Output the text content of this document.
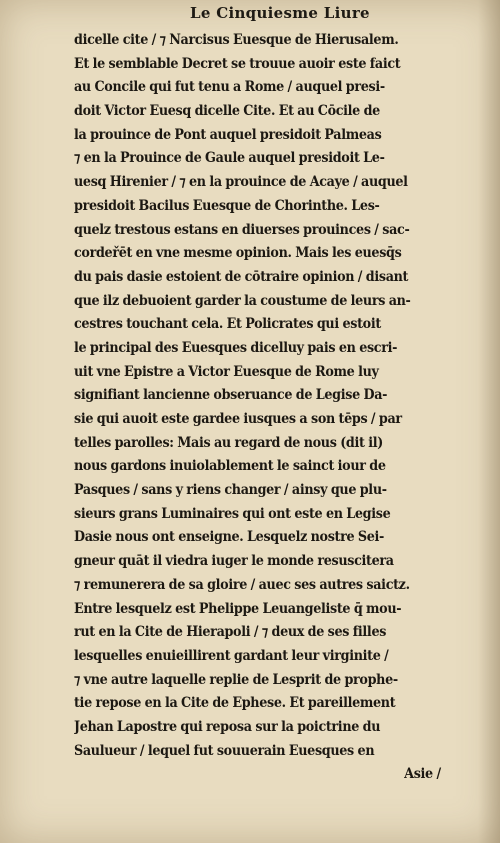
Le Cinquiesme Liure
dicelle cite / ⁊ Narcisus Euesque de Hierusalem.
Et le semblable Decret se trouue auoir este faict
au Concile qui fut tenu a Rome / auquel presi-
doit Victor Euesq dicelle Cite. Et au Cōcile de
la prouince de Pont auquel presidoit Palmeas
⁊ en la Prouince de Gaule auquel presidoit Le-
uesq Hirenier / ⁊ en la prouince de Acaye / auquel
presidoit Bacilus Euesque de Chorinthe. Les-
quelz trestous estans en diuerses prouinces / sac-
cordeřēt en vne mesme opinion. Mais les euesq̄s
du pais dasie estoient de cōtraire opinion / disant
que ilz debuoient garder la coustume de leurs an-
cestres touchant cela. Et Policrates qui estoit
le principal des Euesques dicelluy pais en escri-
uit vne Epistre a Victor Euesque de Rome luy
signifiant lancienne obseruance de Legise Da-
sie qui auoit este gardee iusques a son tēps / par
telles parolles: Mais au regard de nous (dit il)
nous gardons inuiolablement le sainct iour de
Pasques / sans y riens changer / ainsy que plu-
sieurs grans Luminaires qui ont este en Legise
Dasie nous ont enseigne. Lesquelz nostre Sei-
gneur quāt il viedra iuger le monde resuscitera
⁊ remunerera de sa gloire / auec ses autres saictz.
Entre lesquelz est Phelippe Leuangeliste q̄ mou-
rut en la Cite de Hierapoli / ⁊ deux de ses filles
lesquelles enuieillirent gardant leur virginite /
⁊ vne autre laquelle replie de Lesprit de prophe-
tie repose en la Cite de Ephese. Et pareillement
Jehan Lapostre qui reposa sur la poictrine du
Saulueur / lequel fut souuerain Euesques en
Asie /
